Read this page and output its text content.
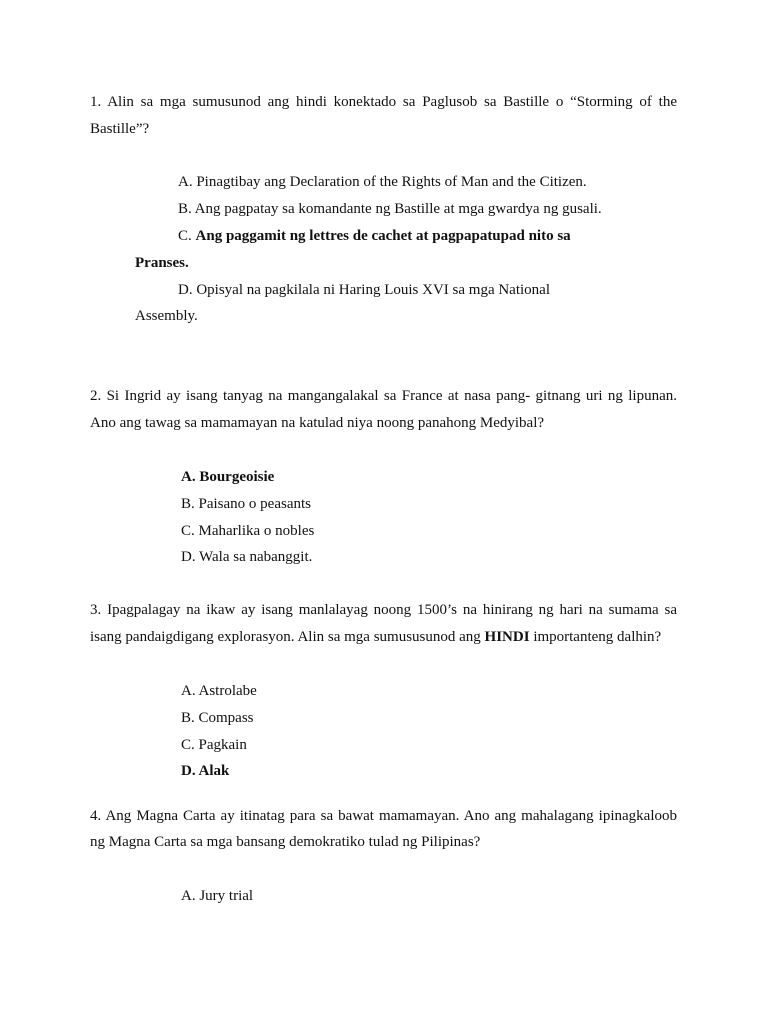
1. Alin sa mga sumusunod ang hindi konektado sa Paglusob sa Bastille o “Storming of the
Bastille”?
A. Pinagtibay ang Declaration of the Rights of Man and the Citizen.
B. Ang pagpatay sa komandante ng Bastille at mga gwardya ng gusali.
C. Ang paggamit ng lettres de cachet at pagpapatupad nito sa
Pranses.
D. Opisyal na pagkilala ni Haring Louis XVI sa mga National
Assembly.
2. Si Ingrid ay isang tanyag na mangangalakal sa France at nasa pang- gitnang uri ng lipunan.
Ano ang tawag sa mamamayan na katulad niya noong panahong Medyibal?
A. Bourgeoisie
B. Paisano o peasants
C. Maharlika o nobles
D. Wala sa nabanggit.
3. Ipagpalagay na ikaw ay isang manlalayag noong 1500’s na hinirang ng hari na sumama sa
isang pandaigdigang explorasyon. Alin sa mga sumususunod ang HINDI importanteng dalhin?
A. Astrolabe
B. Compass
C. Pagkain
D. Alak
4. Ang Magna Carta ay itinatag para sa bawat mamamayan. Ano ang mahalagang ipinagkaloob
ng Magna Carta sa mga bansang demokratiko tulad ng Pilipinas?
A. Jury trial
